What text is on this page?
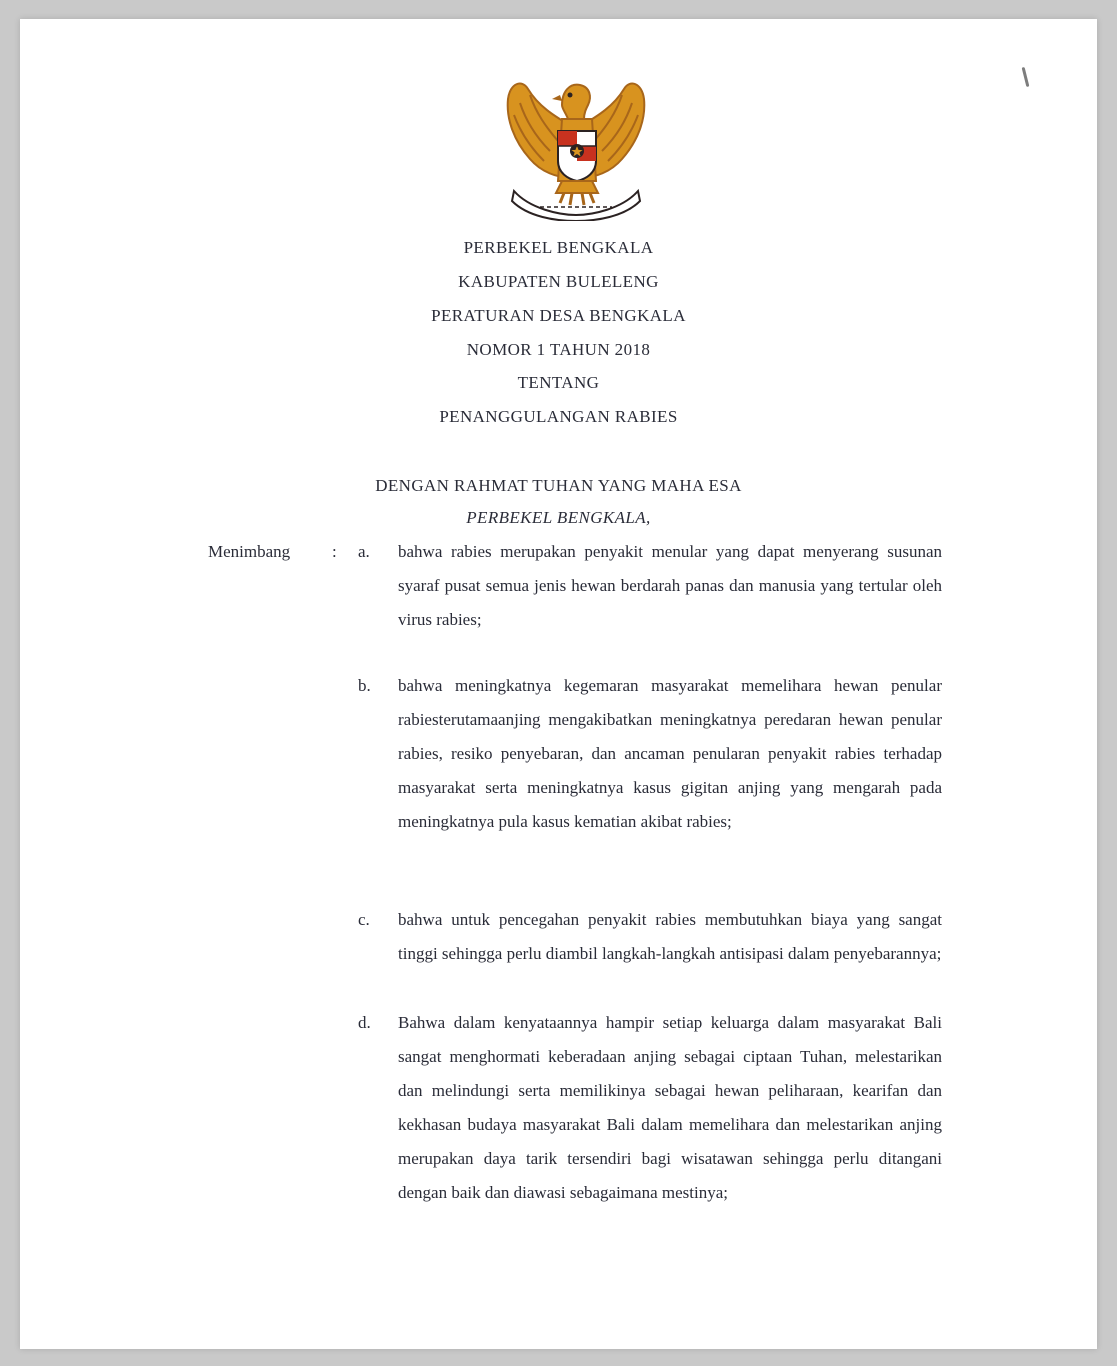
PERBEKEL BENGKALA
KABUPATEN BULELENG
PERATURAN DESA BENGKALA
NOMOR 1 TAHUN 2018
TENTANG
PENANGGULANGAN RABIES
DENGAN RAHMAT TUHAN YANG MAHA ESA
PERBEKEL BENGKALA,
Menimbang : a. bahwa rabies merupakan penyakit menular yang dapat menyerang susunan syaraf pusat semua jenis hewan berdarah panas dan manusia yang tertular oleh virus rabies;
b. bahwa meningkatnya kegemaran masyarakat memelihara hewan penular rabiesterutamaanjing mengakibatkan meningkatnya peredaran hewan penular rabies, resiko penyebaran, dan ancaman penularan penyakit rabies terhadap masyarakat serta meningkatnya kasus gigitan anjing yang mengarah pada meningkatnya pula kasus kematian akibat rabies;
c. bahwa untuk pencegahan penyakit rabies membutuhkan biaya yang sangat tinggi sehingga perlu diambil langkah-langkah antisipasi dalam penyebarannya;
d. Bahwa dalam kenyataannya hampir setiap keluarga dalam masyarakat Bali sangat menghormati keberadaan anjing sebagai ciptaan Tuhan, melestarikan dan melindungi serta memilikinya sebagai hewan peliharaan, kearifan dan kekhasan budaya masyarakat Bali dalam memelihara dan melestarikan anjing merupakan daya tarik tersendiri bagi wisatawan sehingga perlu ditangani dengan baik dan diawasi sebagaimana mestinya;
